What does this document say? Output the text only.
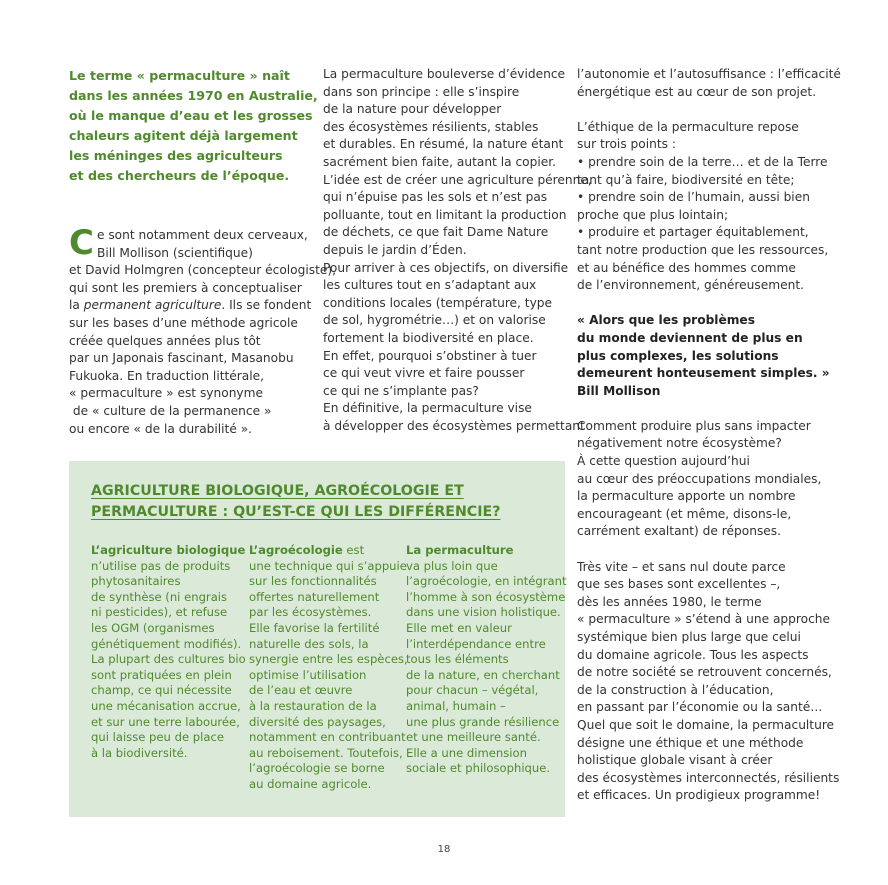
Le terme « permaculture » naît
dans les années 1970 en Australie,
où le manque d’eau et les grosses
chaleurs agitent déjà largement
les méninges des agriculteurs
et des chercheurs de l’époque.
C e sont notamment deux cerveaux,
Bill Mollison (scientifique)
et David Holmgren (concepteur écologiste),
qui sont les premiers à conceptualiser
la permanent agriculture. Ils se fondent
sur les bases d’une méthode agricole
créée quelques années plus tôt
par un Japonais fascinant, Masanobu
Fukuoka. En traduction littérale,
« permaculture » est synonyme
de « culture de la permanence »
ou encore « de la durabilité ».
La permaculture bouleverse d’évidence
dans son principe : elle s’inspire
de la nature pour développer
des écosystèmes résilients, stables
et durables. En résumé, la nature étant
sacrément bien faite, autant la copier.
L’idée est de créer une agriculture pérenne,
qui n’épuise pas les sols et n’est pas
polluante, tout en limitant la production
de déchets, ce que fait Dame Nature
depuis le jardin d’Éden.
Pour arriver à ces objectifs, on diversifie
les cultures tout en s’adaptant aux
conditions locales (température, type
de sol, hygrométrie…) et on valorise
fortement la biodiversité en place.
En effet, pourquoi s’obstiner à tuer
ce qui veut vivre et faire pousser
ce qui ne s’implante pas?
En définitive, la permaculture vise
à développer des écosystèmes permettant
l’autonomie et l’autosuffisance : l’efficacité
énergétique est au cœur de son projet.
L’éthique de la permaculture repose
sur trois points :
• prendre soin de la terre… et de la Terre
tant qu’à faire, biodiversité en tête;
• prendre soin de l’humain, aussi bien
proche que plus lointain;
• produire et partager équitablement,
tant notre production que les ressources,
et au bénéfice des hommes comme
de l’environnement, généreusement.
« Alors que les problèmes
du monde deviennent de plus en
plus complexes, les solutions
demeurent honteusement simples. »
Bill Mollison
Comment produire plus sans impacter
négativement notre écosystème?
À cette question aujourd’hui
au cœur des préoccupations mondiales,
la permaculture apporte un nombre
encourageant (et même, disons-le,
carrément exaltant) de réponses.
Très vite – et sans nul doute parce
que ses bases sont excellentes –,
dès les années 1980, le terme
« permaculture » s’étend à une approche
systémique bien plus large que celui
du domaine agricole. Tous les aspects
de notre société se retrouvent concernés,
de la construction à l’éducation,
en passant par l’économie ou la santé…
Quel que soit le domaine, la permaculture
désigne une éthique et une méthode
holistique globale visant à créer
des écosystèmes interconnectés, résilients
et efficaces. Un prodigieux programme!
AGRICULTURE BIOLOGIQUE, AGROÉCOLOGIE ET
PERMACULTURE : QU’EST-CE QUI LES DIFFÉRENCIE?
L’agriculture biologique
n’utilise pas de produits
phytosanitaires
de synthèse (ni engrais
ni pesticides), et refuse
les OGM (organismes
génétiquement modifiés).
La plupart des cultures bio
sont pratiquées en plein
champ, ce qui nécessite
une mécanisation accrue,
et sur une terre labourée,
qui laisse peu de place
à la biodiversité.
L’agroécologie est
une technique qui s’appuie
sur les fonctionnalités
offertes naturellement
par les écosystèmes.
Elle favorise la fertilité
naturelle des sols, la
synergie entre les espèces,
optimise l’utilisation
de l’eau et œuvre
à la restauration de la
diversité des paysages,
notamment en contribuant
au reboisement. Toutefois,
l’agroécologie se borne
au domaine agricole.
La permaculture
va plus loin que
l’agroécologie, en intégrant
l’homme à son écosystème
dans une vision holistique.
Elle met en valeur
l’interdépendance entre
tous les éléments
de la nature, en cherchant
pour chacun – végétal,
animal, humain –
une plus grande résilience
et une meilleure santé.
Elle a une dimension
sociale et philosophique.
18
